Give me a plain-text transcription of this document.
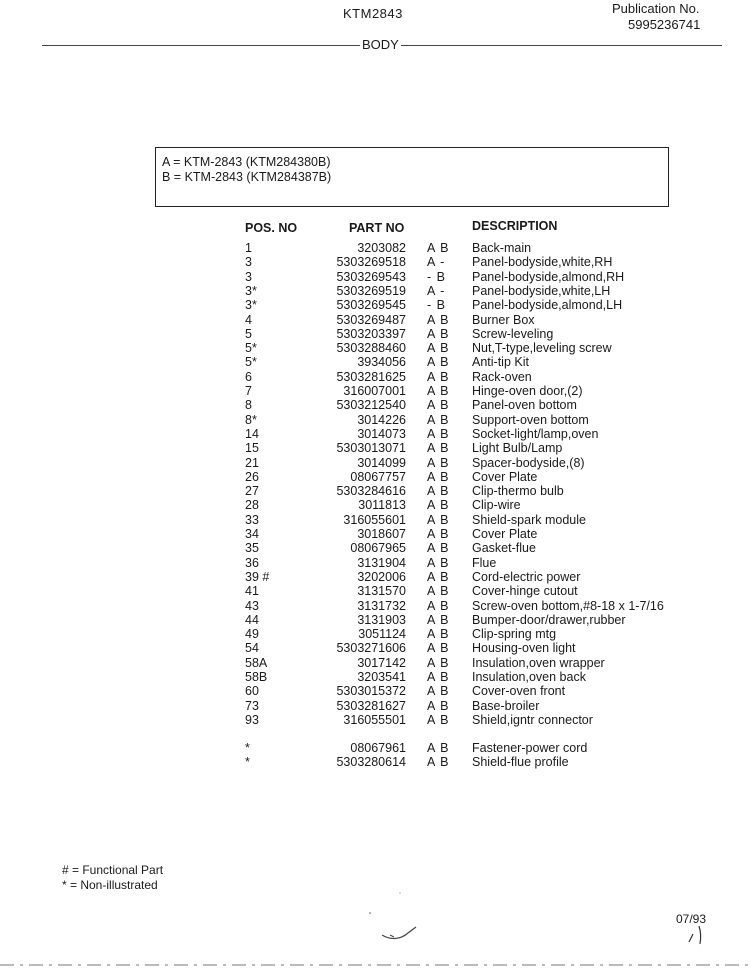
KTM2843	Publication No.
5995236741
BODY
A = KTM-2843 (KTM284380B)
B = KTM-2843 (KTM284387B)
POS. NO	PART NO	DESCRIPTION
1	3203082 A B Back-main
3	5303269518 A - Panel-bodyside,white,RH
3	5303269543 - B Panel-bodyside,almond,RH
3*	5303269519 A - Panel-bodyside,white,LH
3*	5303269545 - B Panel-bodyside,almond,LH
4	5303269487 A B Burner Box
5	5303203397 A B Screw-leveling
5*	5303288460 A B Nut,T-type,leveling screw
5*	3934056 A B Anti-tip Kit
6	5303281625 A B Rack-oven
7	316007001 A B Hinge-oven door,(2)
8	5303212540 A B Panel-oven bottom
8*	3014226 A B Support-oven bottom
14	3014073 A B Socket-light/lamp,oven
15	5303013071 A B Light Bulb/Lamp
21	3014099 A B Spacer-bodyside,(8)
26	08067757 A B Cover Plate
27	5303284616 A B Clip-thermo bulb
28	3011813 A B Clip-wire
33	316055601 A B Shield-spark module
34	3018607 A B Cover Plate
35	08067965 A B Gasket-flue
36	3131904 A B Flue
39 #	3202006 A B Cord-electric power
41	3131570 A B Cover-hinge cutout
43	3131732 A B Screw-oven bottom,#8-18 x 1-7/16
44	3131903 A B Bumper-door/drawer,rubber
49	3051124 A B Clip-spring mtg
54	5303271606 A B Housing-oven light
58A	3017142 A B Insulation,oven wrapper
58B	3203541 A B Insulation,oven back
60	5303015372 A B Cover-oven front
73	5303281627 A B Base-broiler
93	316055501 A B Shield,igntr connector
*	08067961 A B Fastener-power cord
*	5303280614 A B Shield-flue profile
# = Functional Part
* = Non-illustrated
07/93
